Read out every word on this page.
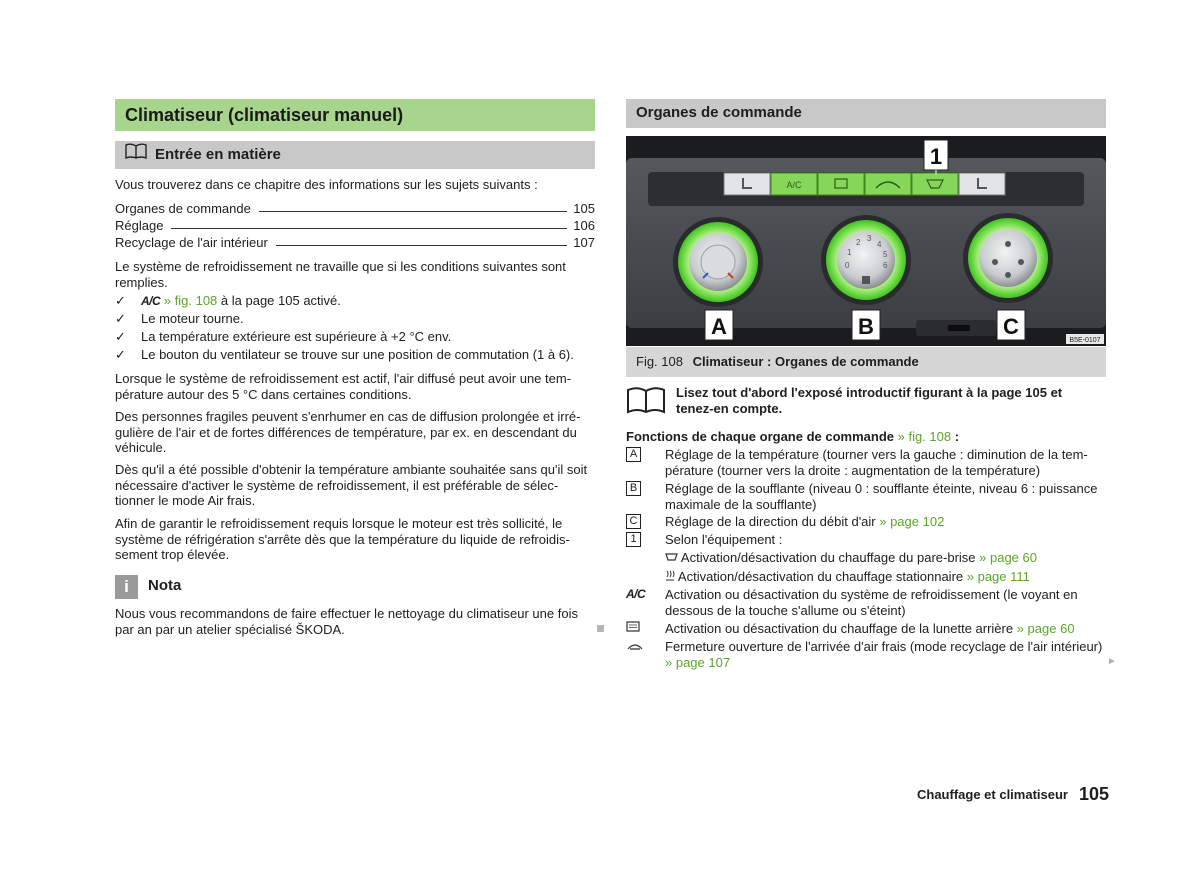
Climatiseur (climatiseur manuel)
Entrée en matière
Vous trouverez dans ce chapitre des informations sur les sujets suivants :
Organes de commande	105
Réglage	106
Recyclage de l'air intérieur	107
Le système de refroidissement ne travaille que si les conditions suivantes sont remplies.
✓ A/C » fig. 108 à la page 105 activé.
✓ Le moteur tourne.
✓ La température extérieure est supérieure à +2 °C env.
✓ Le bouton du ventilateur se trouve sur une position de commutation (1 à 6).
Lorsque le système de refroidissement est actif, l'air diffusé peut avoir une température autour des 5 °C dans certaines conditions.
Des personnes fragiles peuvent s'enrhumer en cas de diffusion prolongée et irrégulière de l'air et de fortes différences de température, par ex. en descendant du véhicule.
Dès qu'il a été possible d'obtenir la température ambiante souhaitée sans qu'il soit nécessaire d'activer le système de refroidissement, il est préférable de sélectionner le mode Air frais.
Afin de garantir le refroidissement requis lorsque le moteur est très sollicité, le système de réfrigération s'arrête dès que la température du liquide de refroidissement trop élevée.
i	Nota
Nous vous recommandons de faire effectuer le nettoyage du climatiseur une fois par an par un atelier spécialisé ŠKODA.
Organes de commande
A/C
1
0
1
2 3
4
5
6
A	B	C
B5E-0107
Fig. 108 Climatiseur : Organes de commande
Lisez tout d'abord l'exposé introductif figurant à la page 105 et tenez-en compte.
Fonctions de chaque organe de commande » fig. 108 :
A Réglage de la température (tourner vers la gauche : diminution de la température (tourner vers la droite : augmentation de la température)
B Réglage de la soufflante (niveau 0 : soufflante éteinte, niveau 6 : puissance maximale de la soufflante)
C Réglage de la direction du débit d'air » page 102
1	Selon l'équipement :
Activation/désactivation du chauffage du pare-brise » page 60
Activation/désactivation du chauffage stationnaire » page 111
A/C Activation ou désactivation du système de refroidissement (le voyant en dessous de la touche s'allume ou s'éteint)
Activation ou désactivation du chauffage de la lunette arrière » page 60
Fermeture ouverture de l'arrivée d'air frais (mode recyclage de l'air intérieur) » page 107	►
Chauffage et climatiseur 105
